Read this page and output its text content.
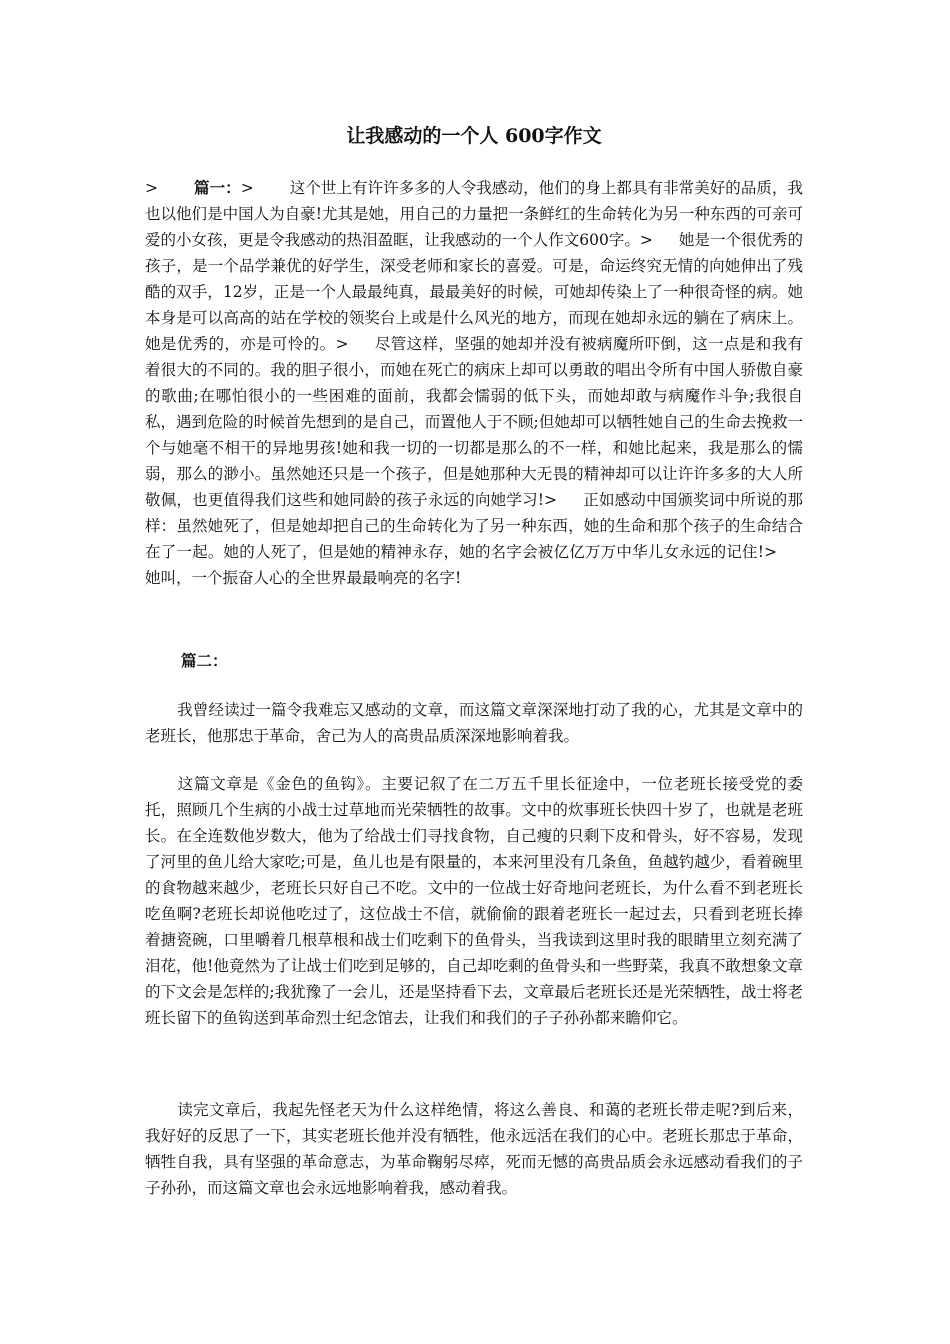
让我感动的一个人 600字作文

> 篇一：> 这个世上有许许多多的人令我感动，他们的身上都具有非常美好的品质，我也以他们是中国人为自豪!尤其是她，用自己的力量把一条鲜红的生命转化为另一种东西的可亲可爱的小女孩，更是令我感动的热泪盈眶，让我感动的一个人作文600字。> 她是一个很优秀的孩子，是一个品学兼优的好学生，深受老师和家长的喜爱。可是，命运终究无情的向她伸出了残酷的双手，12岁，正是一个人最最纯真，最最美好的时候，可她却传染上了一种很奇怪的病。她本身是可以高高的站在学校的领奖台上或是什么风光的地方，而现在她却永远的躺在了病床上。她是优秀的，亦是可怜的。> 尽管这样，坚强的她却并没有被病魔所吓倒，这一点是和我有着很大的不同的。我的胆子很小，而她在死亡的病床上却可以勇敢的唱出令所有中国人骄傲自豪的歌曲;在哪怕很小的一些困难的面前，我都会懦弱的低下头，而她却敢与病魔作斗争;我很自私，遇到危险的时候首先想到的是自己，而置他人于不顾;但她却可以牺牲她自己的生命去挽救一个与她毫不相干的异地男孩!她和我一切的一切都是那么的不一样，和她比起来，我是那么的懦弱，那么的渺小。虽然她还只是一个孩子，但是她那种大无畏的精神却可以让许许多多的大人所敬佩，也更值得我们这些和她同龄的孩子永远的向她学习!> 正如感动中国颁奖词中所说的那样：虽然她死了，但是她却把自己的生命转化为了另一种东西，她的生命和那个孩子的生命结合在了一起。她的人死了，但是她的精神永存，她的名字会被亿亿万万中华儿女永远的记住!>她叫，一个振奋人心的全世界最最响亮的名字!

篇二：

我曾经读过一篇令我难忘又感动的文章，而这篇文章深深地打动了我的心，尤其是文章中的老班长，他那忠于革命，舍己为人的高贵品质深深地影响着我。

这篇文章是《金色的鱼钩》。主要记叙了在二万五千里长征途中，一位老班长接受党的委托，照顾几个生病的小战士过草地而光荣牺牲的故事。文中的炊事班长快四十岁了，也就是老班长。在全连数他岁数大，他为了给战士们寻找食物，自己瘦的只剩下皮和骨头，好不容易，发现了河里的鱼儿给大家吃;可是，鱼儿也是有限量的，本来河里没有几条鱼，鱼越钓越少，看着碗里的食物越来越少，老班长只好自己不吃。文中的一位战士好奇地问老班长，为什么看不到老班长吃鱼啊?老班长却说他吃过了，这位战士不信，就偷偷的跟着老班长一起过去，只看到老班长捧着搪瓷碗，口里嚼着几根草根和战士们吃剩下的鱼骨头，当我读到这里时我的眼睛里立刻充满了泪花，他!他竟然为了让战士们吃到足够的，自己却吃剩的鱼骨头和一些野菜，我真不敢想象文章的下文会是怎样的;我犹豫了一会儿，还是坚持看下去，文章最后老班长还是光荣牺牲，战士将老班长留下的鱼钩送到革命烈士纪念馆去，让我们和我们的子子孙孙都来瞻仰它。

读完文章后，我起先怪老天为什么这样绝情，将这么善良、和蔼的老班长带走呢?到后来，我好好的反思了一下，其实老班长他并没有牺牲，他永远活在我们的心中。老班长那忠于革命，牺牲自我，具有坚强的革命意志，为革命鞠躬尽瘁，死而无憾的高贵品质会永远感动看我们的子子孙孙，而这篇文章也会永远地影响着我，感动着我。
